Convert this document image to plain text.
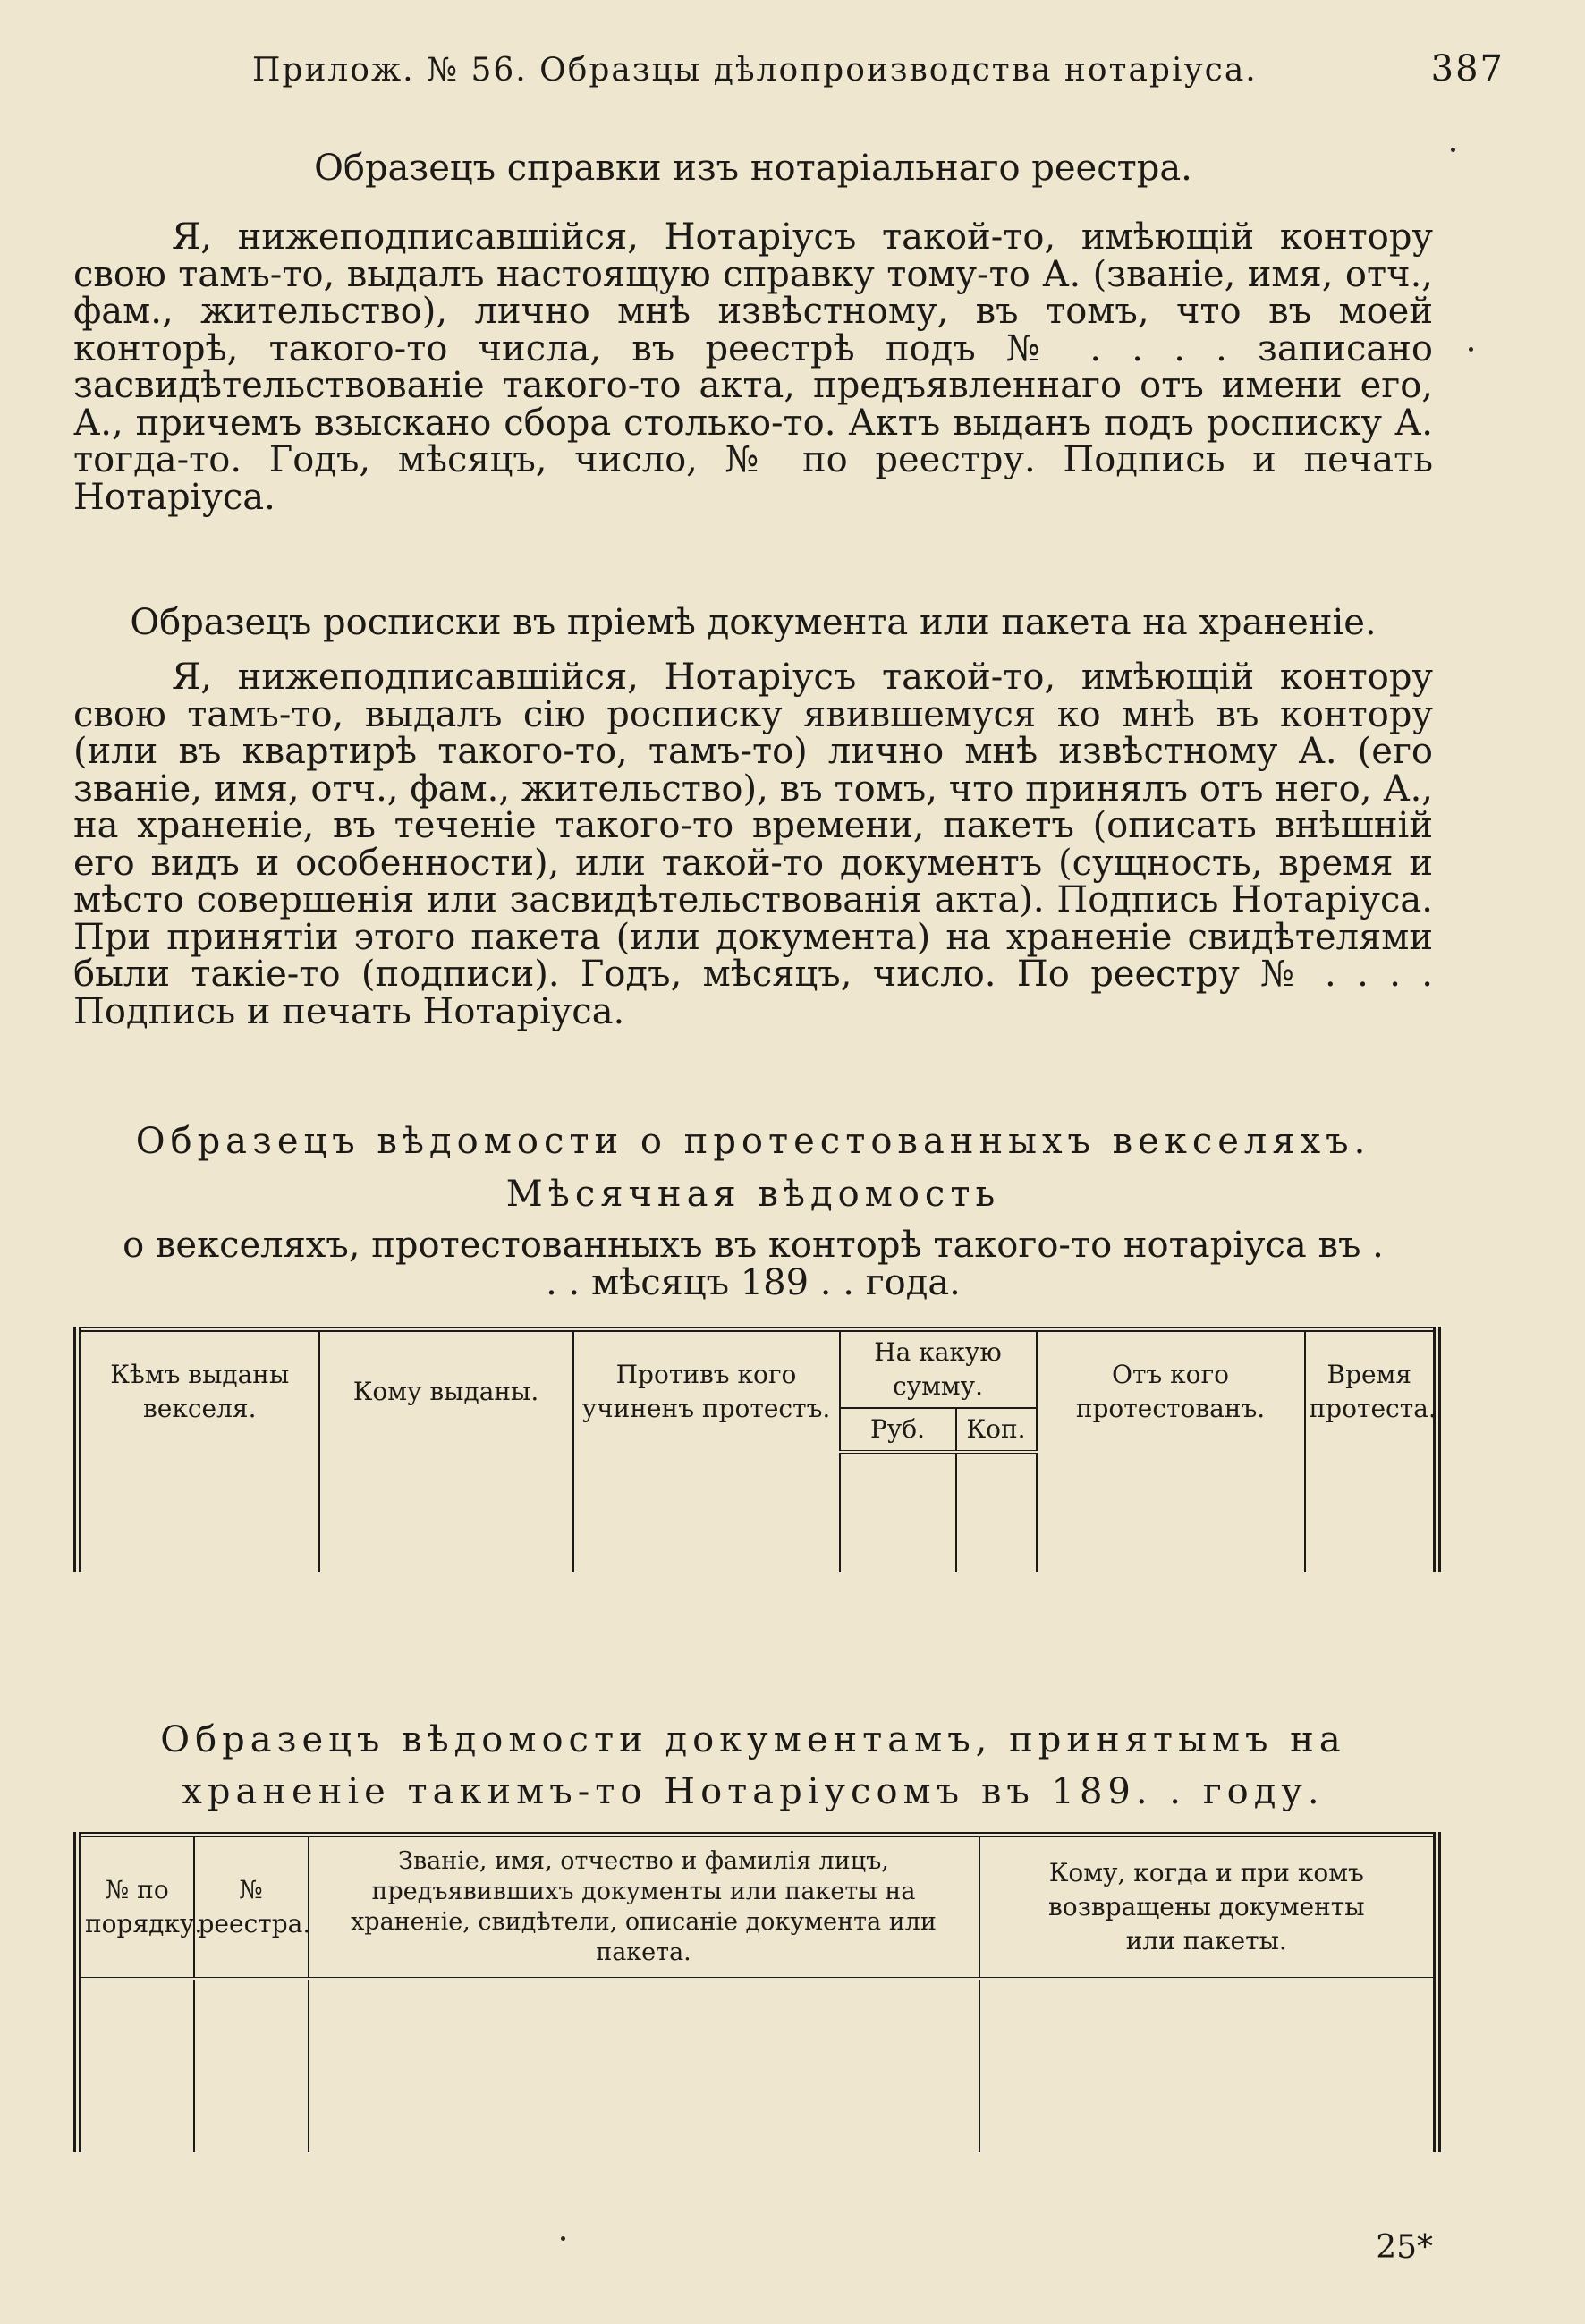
Прилож. № 56. Образцы дѣлопроизводства нотаріуса.	387
Образецъ справки изъ нотаріальнаго реестра.
Я, нижеподписавшійся, Нотаріусъ такой-то, имѣющій контору свою тамъ-то, выдалъ настоящую справку тому-то А. (званіе, имя, отч., фам., жительство), лично мнѣ извѣстному, въ томъ, что въ моей конторѣ, такого-то числа, въ реестрѣ подъ № . . . . записано засвидѣтельствованіе такого-то акта, предъявленнаго отъ имени его, А., причемъ взыскано сбора столько-то. Актъ выданъ подъ росписку А. тогда-то. Годъ, мѣсяцъ, число, № по реестру. Подпись и печать Нотаріуса.
Образецъ росписки въ пріемѣ документа или пакета на храненіе.
Я, нижеподписавшійся, Нотаріусъ такой-то, имѣющій контору свою тамъ-то, выдалъ сію росписку явившемуся ко мнѣ въ контору (или въ квартирѣ такого-то, тамъ-то) лично мнѣ извѣстному А. (его званіе, имя, отч., фам., жительство), въ томъ, что принялъ отъ него, А., на храненіе, въ теченіе такого-то времени, пакетъ (описать внѣшній его видъ и особенности), или такой-то документъ (сущность, время и мѣсто совершенія или засвидѣтельствованія акта). Подпись Нотаріуса. При принятіи этого пакета (или документа) на храненіе свидѣтелями были такіе-то (подписи). Годъ, мѣсяцъ, число. По реестру № . . . . Подпись и печать Нотаріуса.
Образецъ вѣдомости о протестованныхъ векселяхъ.
Мѣсячная вѣдомость
о векселяхъ, протестованныхъ въ конторѣ такого-то нотаріуса въ . . . мѣсяцъ 189 . . года.
Кѣмъ выданы векселя.	Кому выданы.	Противъ кого учиненъ протестъ.	На какую сумму.		Отъ кого протестованъ.	Время протеста.
			Руб.	Коп.		

Образецъ вѣдомости документамъ, принятымъ на храненіе такимъ-то Нотаріусомъ въ 189. . году.
№ по порядку.	№ реестра.	Званіе, имя, отчество и фамилія лицъ, предъявившихъ документы или пакеты на храненіе, свидѣтели, описаніе документа или пакета.	Кому, когда и при комъ возвращены документы или пакеты.

25*
